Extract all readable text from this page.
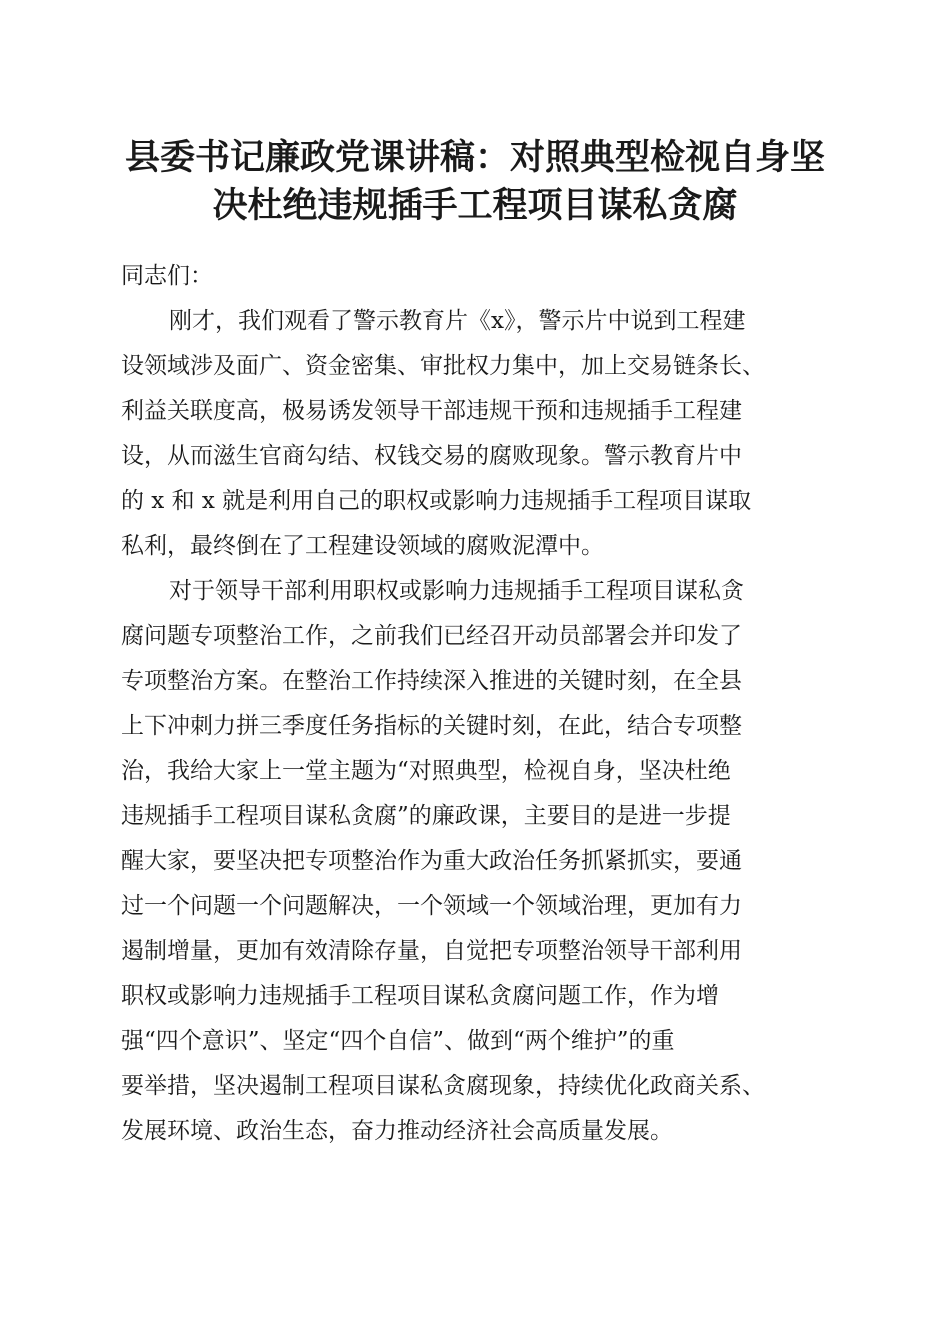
县委书记廉政党课讲稿：对照典型检视自身坚
决杜绝违规插手工程项目谋私贪腐

同志们：

刚才，我们观看了警示教育片《x》，警示片中说到工程建
设领域涉及面广、资金密集、审批权力集中，加上交易链条长、
利益关联度高，极易诱发领导干部违规干预和违规插手工程建
设，从而滋生官商勾结、权钱交易的腐败现象。警示教育片中
的 x 和 x 就是利用自己的职权或影响力违规插手工程项目谋取
私利，最终倒在了工程建设领域的腐败泥潭中。

对于领导干部利用职权或影响力违规插手工程项目谋私贪
腐问题专项整治工作，之前我们已经召开动员部署会并印发了
专项整治方案。在整治工作持续深入推进的关键时刻，在全县
上下冲刺力拼三季度任务指标的关键时刻，在此，结合专项整
治，我给大家上一堂主题为“对照典型，检视自身，坚决杜绝
违规插手工程项目谋私贪腐”的廉政课，主要目的是进一步提
醒大家，要坚决把专项整治作为重大政治任务抓紧抓实，要通
过一个问题一个问题解决，一个领域一个领域治理，更加有力
遏制增量，更加有效清除存量，自觉把专项整治领导干部利用
职权或影响力违规插手工程项目谋私贪腐问题工作，作为增
强“四个意识”、坚定“四个自信”、做到“两个维护”的重
要举措，坚决遏制工程项目谋私贪腐现象，持续优化政商关系、
发展环境、政治生态，奋力推动经济社会高质量发展。
